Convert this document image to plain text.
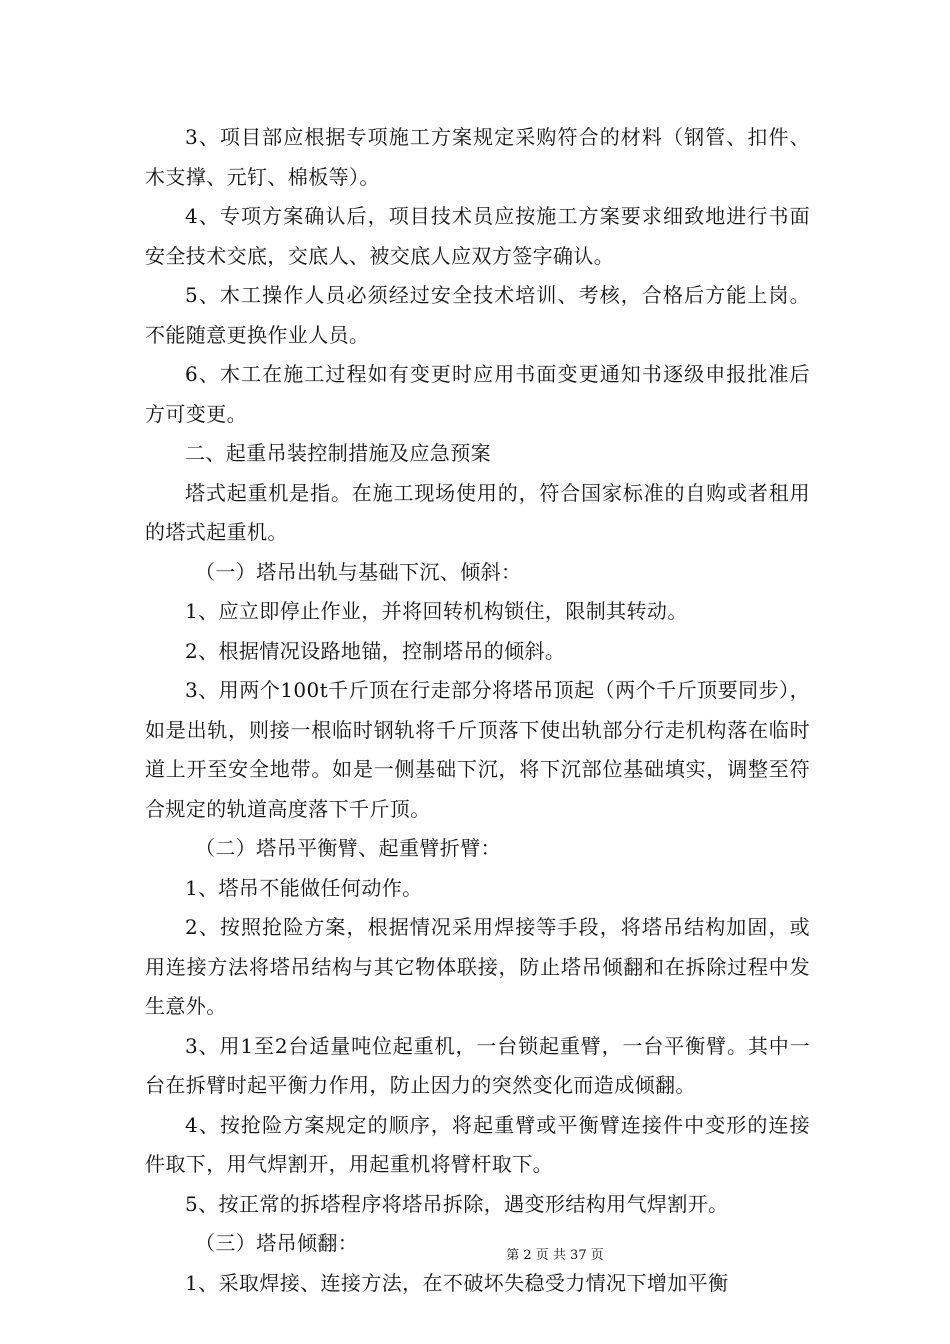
3、项目部应根据专项施工方案规定采购符合的材料（钢管、扣件、木支撑、元钉、棉板等）。

4、专项方案确认后，项目技术员应按施工方案要求细致地进行书面安全技术交底，交底人、被交底人应双方签字确认。

5、木工操作人员必须经过安全技术培训、考核，合格后方能上岗。不能随意更换作业人员。

6、木工在施工过程如有变更时应用书面变更通知书逐级申报批准后方可变更。

二、起重吊装控制措施及应急预案

塔式起重机是指。在施工现场使用的，符合国家标准的自购或者租用的塔式起重机。

（一）塔吊出轨与基础下沉、倾斜：

1、应立即停止作业，并将回转机构锁住，限制其转动。

2、根据情况设路地锚，控制塔吊的倾斜。

3、用两个100t千斤顶在行走部分将塔吊顶起（两个千斤顶要同步），如是出轨，则接一根临时钢轨将千斤顶落下使出轨部分行走机构落在临时道上开至安全地带。如是一侧基础下沉，将下沉部位基础填实，调整至符合规定的轨道高度落下千斤顶。

（二）塔吊平衡臂、起重臂折臂：

1、塔吊不能做任何动作。

2、按照抢险方案，根据情况采用焊接等手段，将塔吊结构加固，或用连接方法将塔吊结构与其它物体联接，防止塔吊倾翻和在拆除过程中发生意外。

3、用1至2台适量吨位起重机，一台锁起重臂，一台平衡臂。其中一台在拆臂时起平衡力作用，防止因力的突然变化而造成倾翻。

4、按抢险方案规定的顺序，将起重臂或平衡臂连接件中变形的连接件取下，用气焊割开，用起重机将臂杆取下。

5、按正常的拆塔程序将塔吊拆除，遇变形结构用气焊割开。

（三）塔吊倾翻：

1、采取焊接、连接方法，在不破坏失稳受力情况下增加平衡

第 2 页 共 37 页
